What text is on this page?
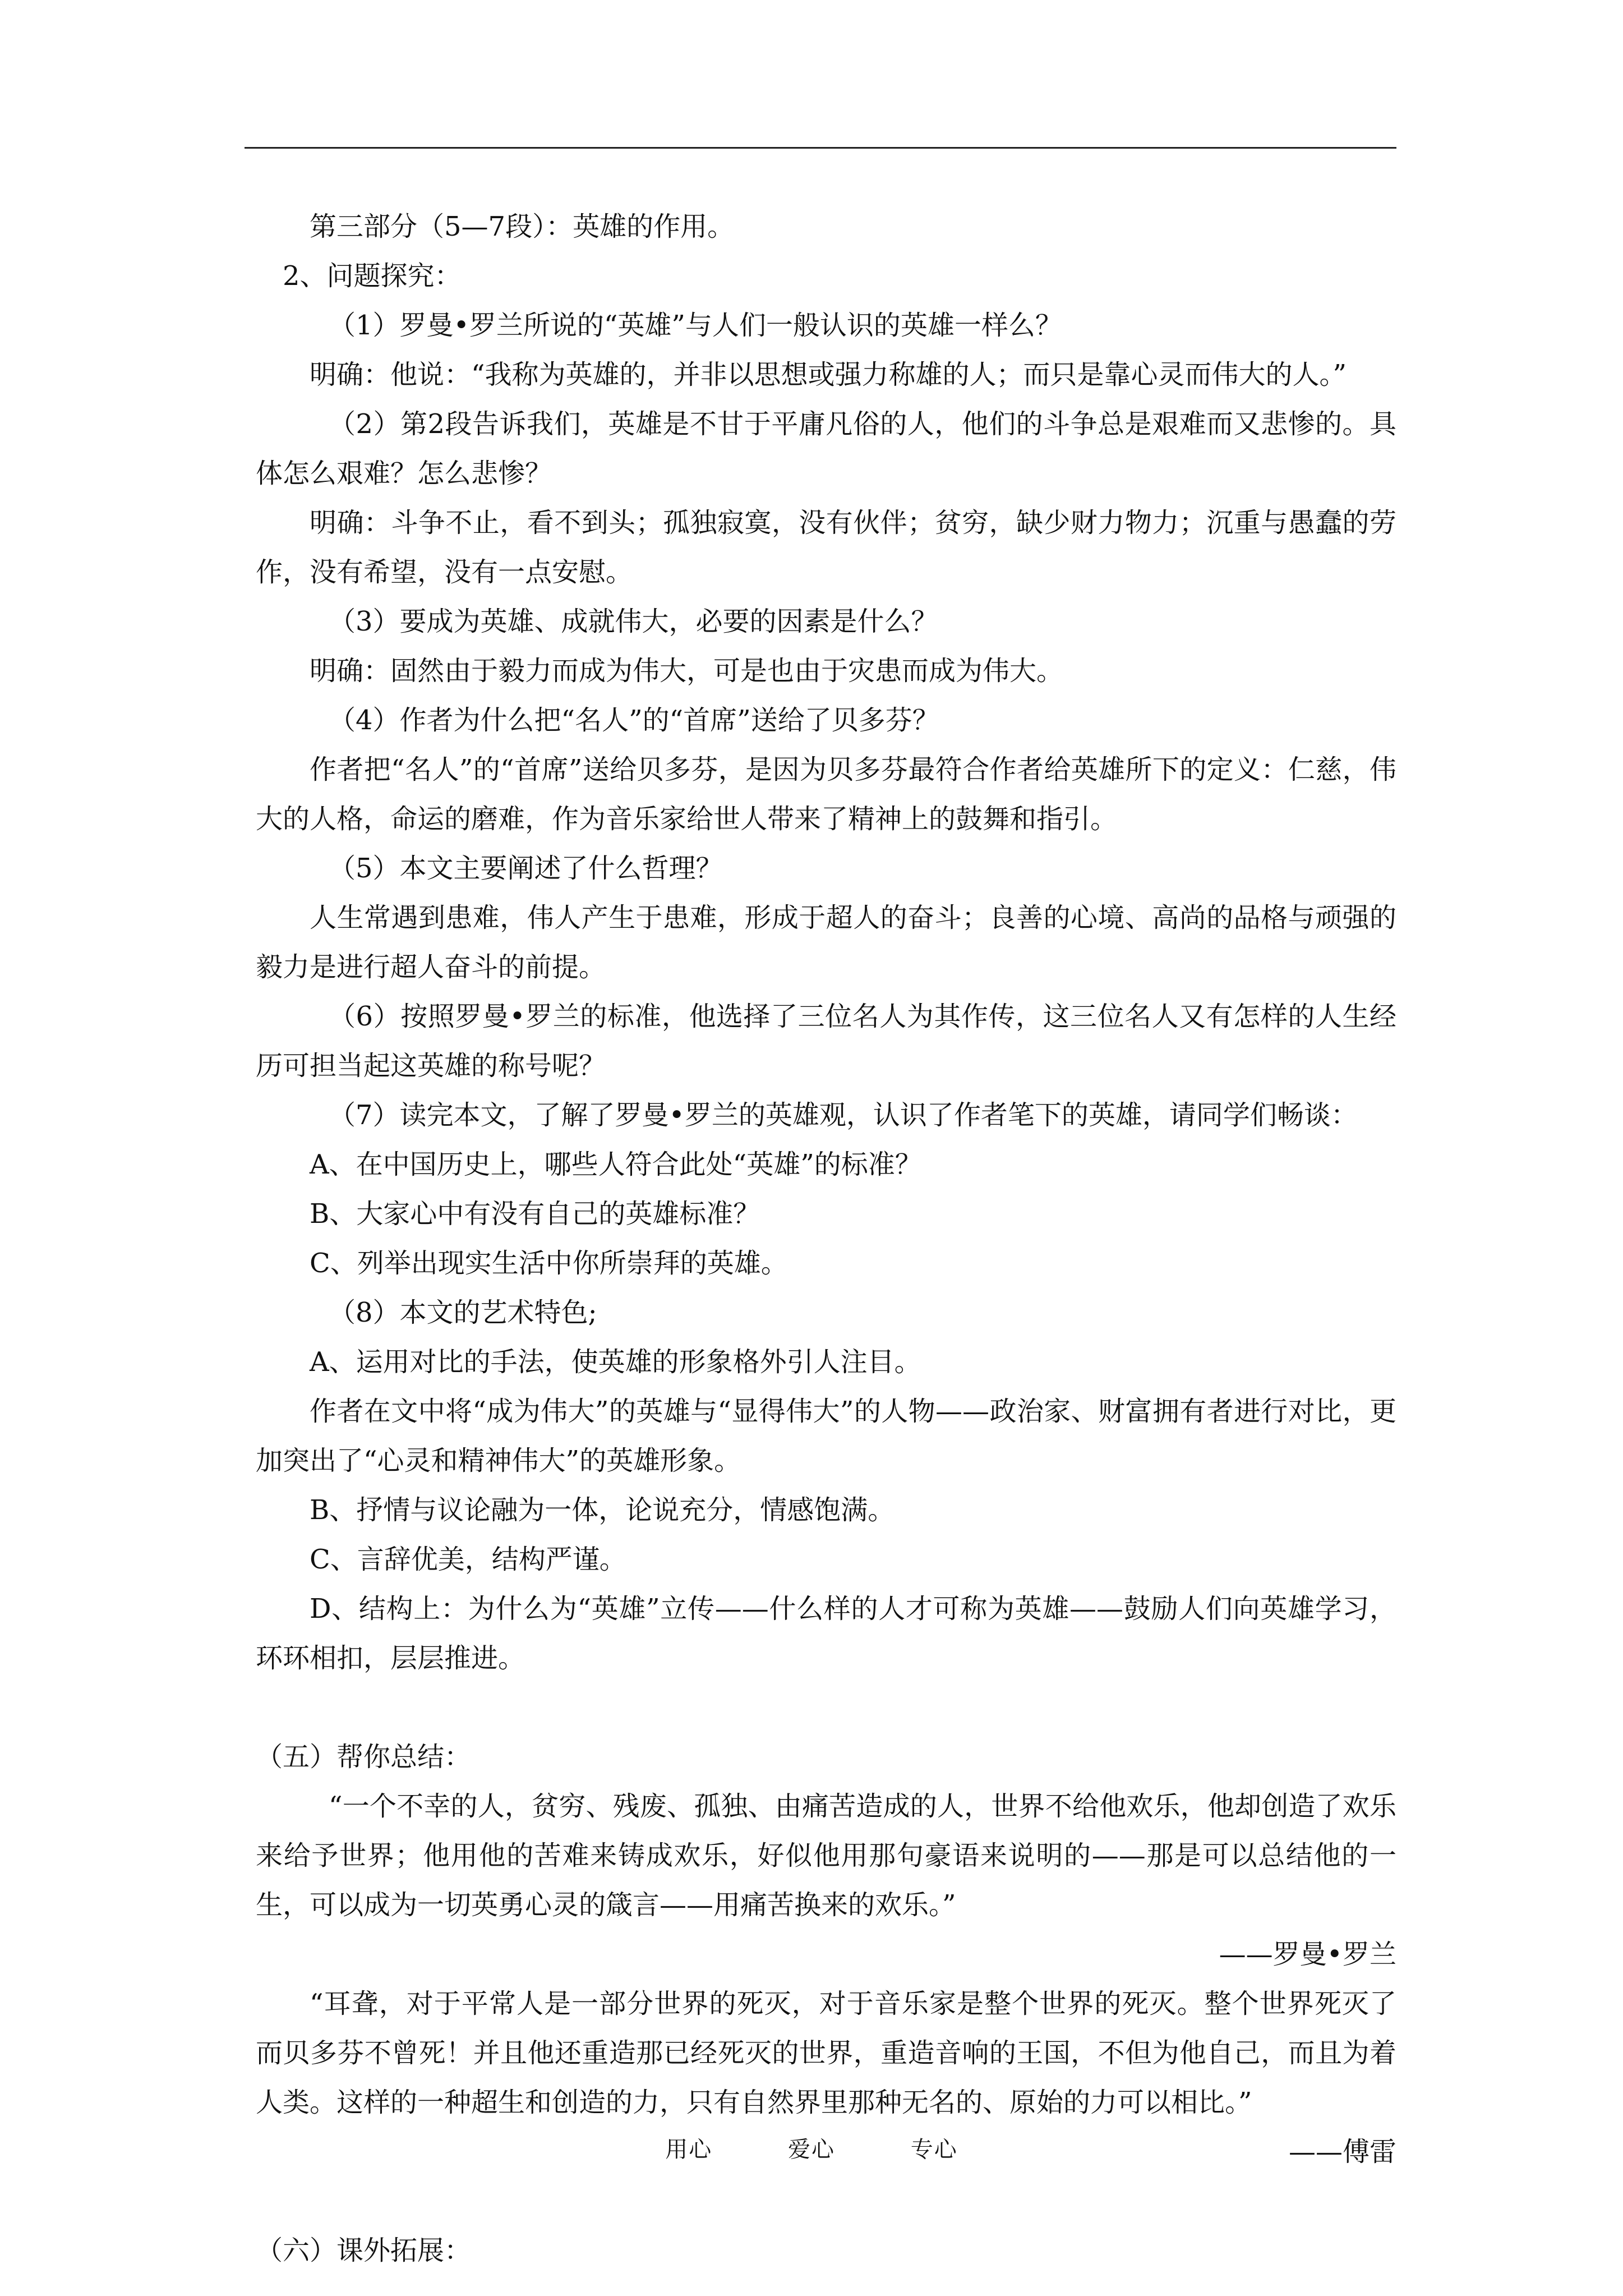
第三部分（5—7段）：英雄的作用。

2、问题探究：

（1）罗曼•罗兰所说的“英雄”与人们一般认识的英雄一样么？

明确：他说：“我称为英雄的，并非以思想或强力称雄的人；而只是靠心灵而伟大的人。”

（2）第2段告诉我们，英雄是不甘于平庸凡俗的人，他们的斗争总是艰难而又悲惨的。具体怎么艰难？怎么悲惨？

明确：斗争不止，看不到头；孤独寂寞，没有伙伴；贫穷，缺少财力物力；沉重与愚蠢的劳作，没有希望，没有一点安慰。

（3）要成为英雄、成就伟大，必要的因素是什么？

明确：固然由于毅力而成为伟大，可是也由于灾患而成为伟大。

（4）作者为什么把“名人”的“首席”送给了贝多芬？

作者把“名人”的“首席”送给贝多芬，是因为贝多芬最符合作者给英雄所下的定义：仁慈，伟大的人格，命运的磨难，作为音乐家给世人带来了精神上的鼓舞和指引。

（5）本文主要阐述了什么哲理？

人生常遇到患难，伟人产生于患难，形成于超人的奋斗；良善的心境、高尚的品格与顽强的毅力是进行超人奋斗的前提。

（6）按照罗曼•罗兰的标准，他选择了三位名人为其作传，这三位名人又有怎样的人生经历可担当起这英雄的称号呢？

（7）读完本文，了解了罗曼•罗兰的英雄观，认识了作者笔下的英雄，请同学们畅谈：

A、在中国历史上，哪些人符合此处“英雄”的标准？

B、大家心中有没有自己的英雄标准？

C、列举出现实生活中你所崇拜的英雄。

（8）本文的艺术特色;

A、运用对比的手法，使英雄的形象格外引人注目。

作者在文中将“成为伟大”的英雄与“显得伟大”的人物——政治家、财富拥有者进行对比，更加突出了“心灵和精神伟大”的英雄形象。

B、抒情与议论融为一体，论说充分，情感饱满。

C、言辞优美，结构严谨。

D、结构上：为什么为“英雄”立传——什么样的人才可称为英雄——鼓励人们向英雄学习，环环相扣，层层推进。

（五）帮你总结：

“一个不幸的人，贫穷、残废、孤独、由痛苦造成的人，世界不给他欢乐，他却创造了欢乐来给予世界；他用他的苦难来铸成欢乐，好似他用那句豪语来说明的——那是可以总结他的一生，可以成为一切英勇心灵的箴言——用痛苦换来的欢乐。”

——罗曼•罗兰

“耳聋，对于平常人是一部分世界的死灭，对于音乐家是整个世界的死灭。整个世界死灭了而贝多芬不曾死！并且他还重造那已经死灭的世界，重造音响的王国，不但为他自己，而且为着人类。这样的一种超生和创造的力，只有自然界里那种无名的、原始的力可以相比。”

——傅雷

（六）课外拓展：

用心	爱心	专心
